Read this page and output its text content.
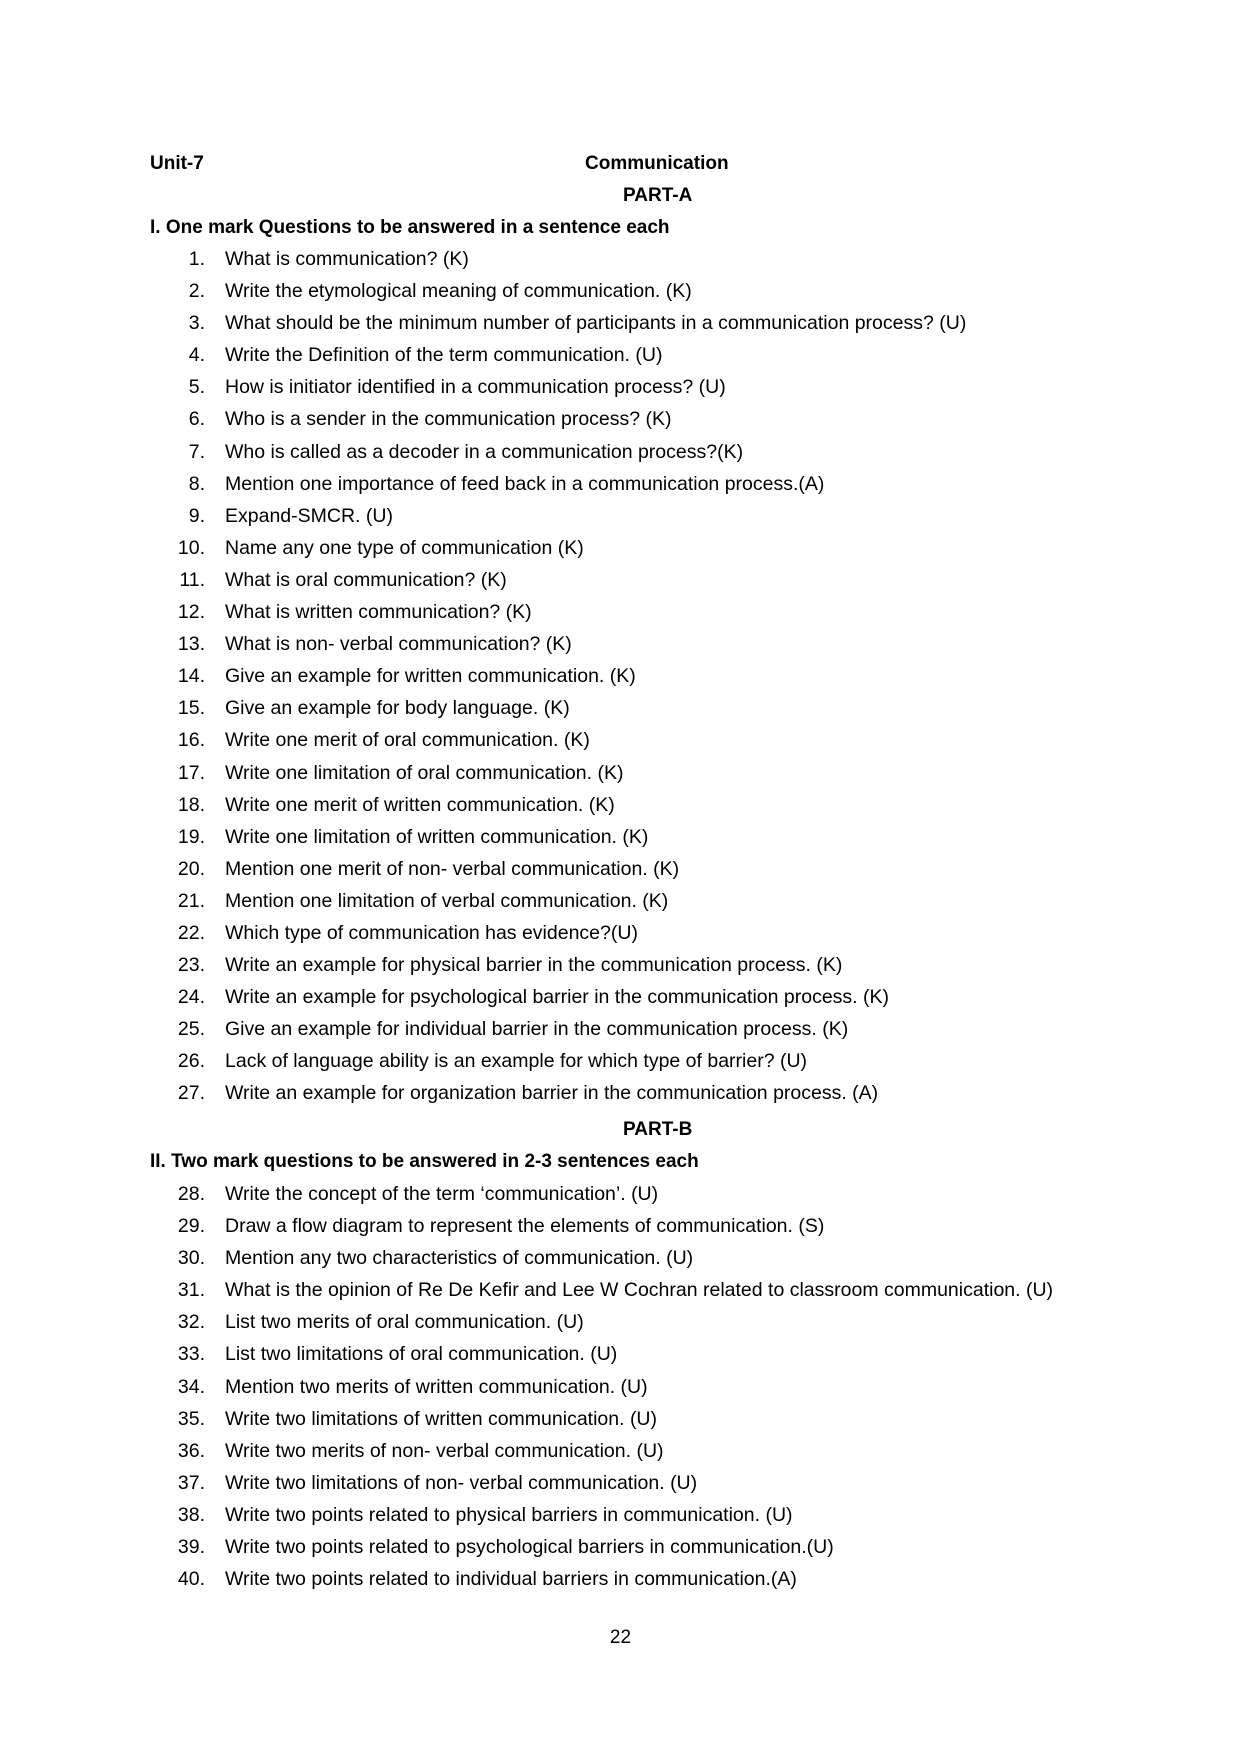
Unit-7	Communication
PART-A
I. One mark Questions to be answered in a sentence each
1. What is communication? (K)
2. Write the etymological meaning of communication. (K)
3. What should be the minimum number of participants in a communication process? (U)
4. Write the Definition of the term communication. (U)
5. How is initiator identified in a communication process? (U)
6. Who is a sender in the communication process? (K)
7. Who is called as a decoder in a communication process?(K)
8. Mention one importance of feed back in a communication process.(A)
9. Expand-SMCR. (U)
10. Name any one type of communication (K)
11. What is oral communication? (K)
12. What is written communication? (K)
13. What is non- verbal communication? (K)
14. Give an example for written communication. (K)
15. Give an example for body language. (K)
16. Write one merit of oral communication. (K)
17. Write one limitation of oral communication. (K)
18. Write one merit of written communication. (K)
19. Write one limitation of written communication. (K)
20. Mention one merit of non- verbal communication. (K)
21. Mention one limitation of verbal communication. (K)
22. Which type of communication has evidence?(U)
23. Write an example for physical barrier in the communication process. (K)
24. Write an example for psychological barrier in the communication process. (K)
25. Give an example for individual barrier in the communication process. (K)
26. Lack of language ability is an example for which type of barrier? (U)
27. Write an example for organization barrier in the communication process. (A)
PART-B
II. Two mark questions to be answered in 2-3 sentences each
28. Write the concept of the term ‘communication’. (U)
29. Draw a flow diagram to represent the elements of communication. (S)
30. Mention any two characteristics of communication. (U)
31. What is the opinion of Re De Kefir and Lee W Cochran related to classroom communication. (U)
32. List two merits of oral communication. (U)
33. List two limitations of oral communication. (U)
34. Mention two merits of written communication. (U)
35. Write two limitations of written communication. (U)
36. Write two merits of non- verbal communication. (U)
37. Write two limitations of non- verbal communication. (U)
38. Write two points related to physical barriers in communication. (U)
39. Write two points related to psychological barriers in communication.(U)
40. Write two points related to individual barriers in communication.(A)
22
